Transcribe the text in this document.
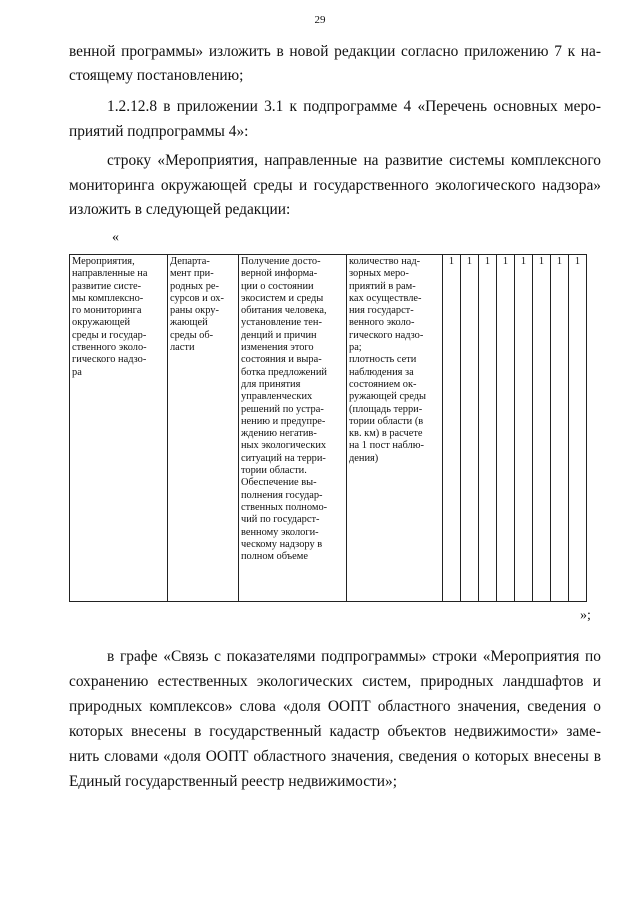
29
венной программы» изложить в новой редакции согласно приложению 7 к на-
стоящему постановлению;
1.2.12.8 в приложении 3.1 к подпрограмме 4 «Перечень основных меро-
приятий подпрограммы 4»:
строку «Мероприятия, направленные на развитие системы комплексного
мониторинга окружающей среды и государственного экологического надзора»
изложить в следующей редакции:
«
Мероприятия,
направленные на
развитие систе-
мы комплексно-
го мониторинга
окружающей
среды и государ-
ственного эколо-
гического надзо-
ра	Департа-
мент при-
родных ре-
сурсов и ох-
раны окру-
жающей
среды об-
ласти	Получение досто-
верной информа-
ции о состоянии
экосистем и среды
обитания человека,
установление тен-
денций и причин
изменения этого
состояния и выра-
ботка предложений
для принятия
управленческих
решений по устра-
нению и предупре-
ждению негатив-
ных экологических
ситуаций на терри-
тории области.
Обеспечение вы-
полнения государ-
ственных полномо-
чий по государст-
венному экологи-
ческому надзору в
полном объеме	количество над-
зорных меро-
приятий в рам-
ках осуществле-
ния государст-
венного эколо-
гического надзо-
ра;
плотность сети
наблюдения за
состоянием ок-
ружающей среды
(площадь терри-
тории области (в
кв. км) в расчете
на 1 пост наблю-
дения)	1	1	1	1	1	1	1	1
»;
в графе «Связь с показателями подпрограммы» строки «Мероприятия по
сохранению естественных экологических систем, природных ландшафтов и
природных комплексов» слова «доля ООПТ областного значения, сведения о
которых внесены в государственный кадастр объектов недвижимости» заме-
нить словами «доля ООПТ областного значения, сведения о которых внесены в
Единый государственный реестр недвижимости»;
